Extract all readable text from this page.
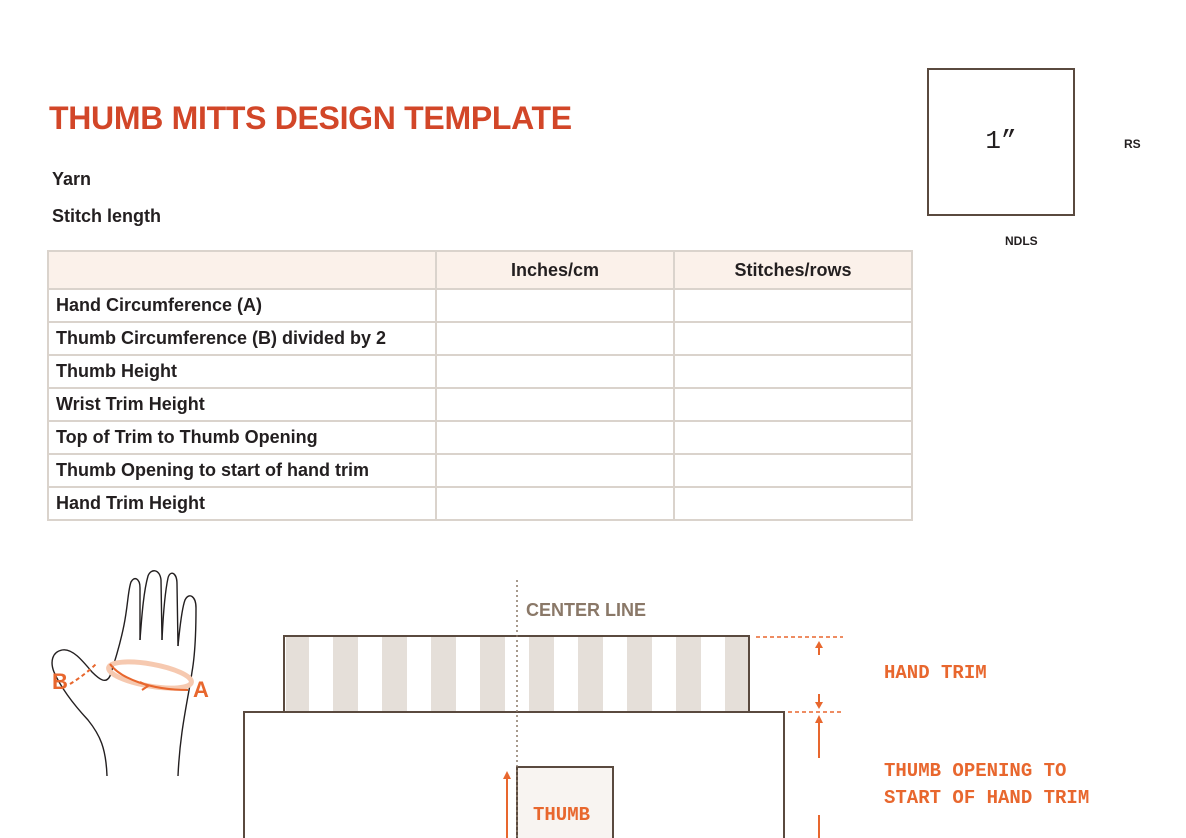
THUMB MITTS DESIGN TEMPLATE
Yarn
Stitch length
1”	RS
NDLS
	Inches/cm	Stitches/rows
Hand Circumference (A)		
Thumb Circumference (B) divided by 2		
Thumb Height		
Wrist Trim Height		
Top of Trim to Thumb Opening		
Thumb Opening to start of hand trim		
Hand Trim Height		
CENTER LINE
HAND TRIM
THUMB OPENING TO
START OF HAND TRIM
THUMB
B	A
